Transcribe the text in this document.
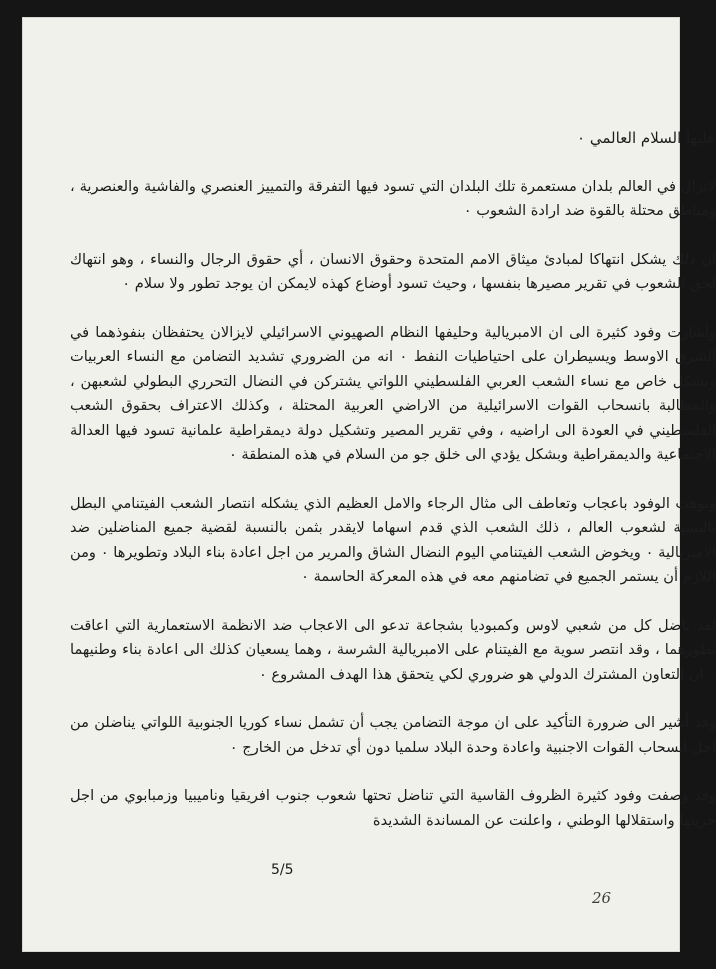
عليها السلام العالمي ٠
لاتزال في العالم بلدان مستعمرة تلك البلدان التي تسود فيها التفرقة والتمييز العنصري والفاشية والعنصرية ، ومناطق محتلة بالقوة ضد ارادة الشعوب ٠
ان ذلك يشكل انتهاكا لمبادئ ميثاق الامم المتحدة وحقوق الانسان ، أي حقوق الرجال والنساء ، وهو انتهاك لحق الشعوب في تقرير مصيرها بنفسها ، وحيث تسود أوضاع كهذه لايمكن ان يوجد تطور ولا سلام ٠
وأشارت وفود كثيرة الى ان الامبريالية وحليفها النظام الصهيوني الاسرائيلي لايزالان يحتفظان بنفوذهما في الشرق الاوسط ويسيطران على احتياطيات النفط ٠ انه من الضروري تشديد التضامن مع النساء العربيات وبشكل خاص مع نساء الشعب العربي الفلسطيني اللواتي يشتركن في النضال التحرري البطولي لشعبهن ، والمطالبة بانسحاب القوات الاسرائيلية من الاراضي العربية المحتلة ، وكذلك الاعتراف بحقوق الشعب الفلسطيني في العودة الى اراضيه ، وفي تقرير المصير وتشكيل دولة ديمقراطية علمانية تسود فيها العدالة الاجتماعية والديمقراطية وبشكل يؤدي الى خلق جو من السلام في هذه المنطقة ٠
ونوهت الوفود باعجاب وتعاطف الى مثال الرجاء والامل العظيم الذي يشكله انتصار الشعب الفيتنامي البطل بالنسبة لشعوب العالم ، ذلك الشعب الذي قدم اسهاما لايقدر بثمن بالنسبة لقضية جميع المناضلين ضد الامبريالية ٠ ويخوض الشعب الفيتنامي اليوم النضال الشاق والمرير من اجل اعادة بناء البلاد وتطويرها ٠ ومن اللازم أن يستمر الجميع في تضامنهم معه في هذه المعركة الحاسمة ٠
لقد ناضل كل من شعبي لاوس وكمبوديا بشجاعة تدعو الى الاعجاب ضد الانظمة الاستعمارية التي اعاقت تطورهما ، وقد انتصر سوية مع الفيتنام على الامبريالية الشرسة ، وهما يسعيان كذلك الى اعادة بناء وطنيهما ٠ ان التعاون المشترك الدولي هو ضروري لكي يتحقق هذا الهدف المشروع ٠
وقد أشير الى ضرورة التأكيد على ان موجة التضامن يجب أن تشمل نساء كوريا الجنوبية اللواتي يناضلن من اجل انسحاب القوات الاجنبية واعادة وحدة البلاد سلميا دون أي تدخل من الخارج ٠
وقد وصفت وفود كثيرة الظروف القاسية التي تناضل تحتها شعوب جنوب افريقيا وناميبيا وزمبابوي من اجل حريتها واستقلالها الوطني ، واعلنت عن المساندة الشديدة
5/5
26
